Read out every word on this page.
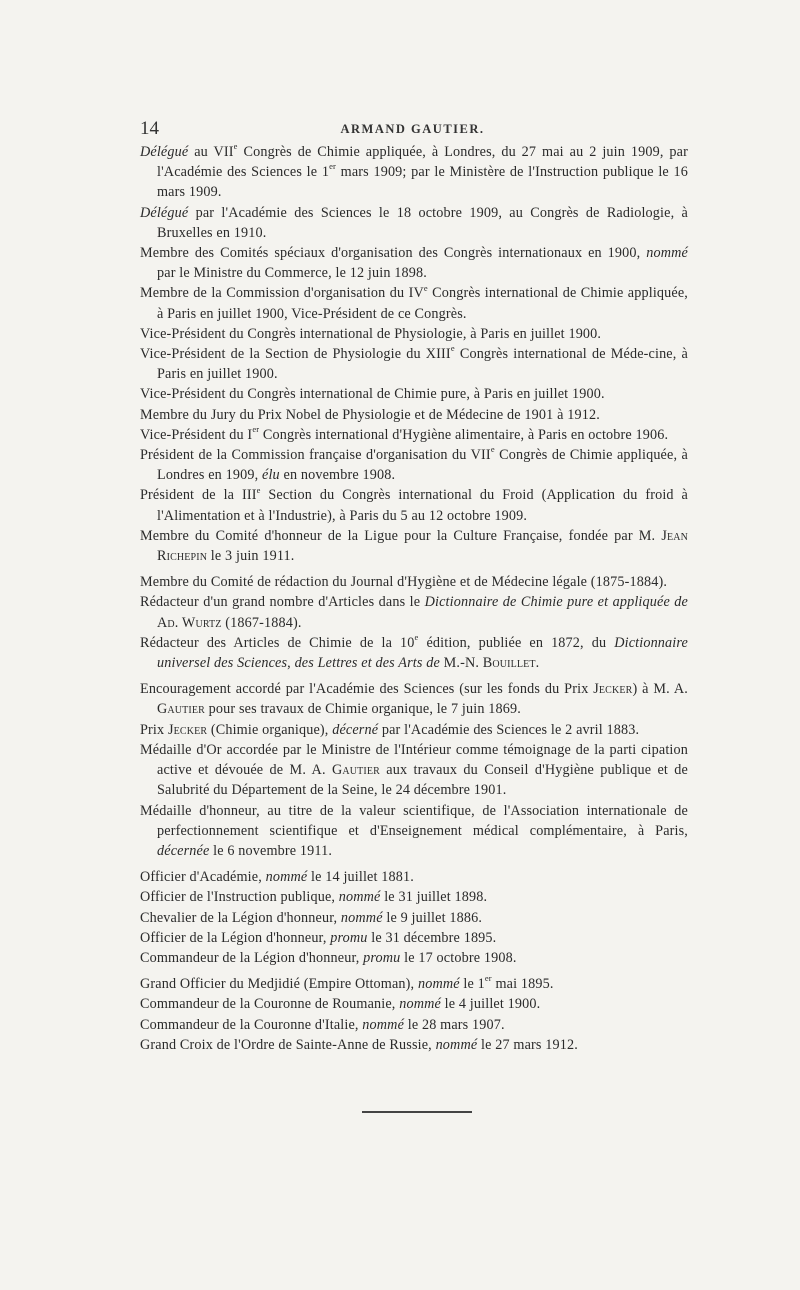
14	ARMAND GAUTIER.

Délégué au VIIe Congrès de Chimie appliquée, à Londres, du 27 mai au 2 juin 1909, par l'Académie des Sciences le 1er mars 1909; par le Ministère de l'Instruction publique le 16 mars 1909.

Délégué par l'Académie des Sciences le 18 octobre 1909, au Congrès de Radiologie, à Bruxelles en 1910.

Membre des Comités spéciaux d'organisation des Congrès internationaux en 1900, nommé par le Ministre du Commerce, le 12 juin 1898.

Membre de la Commission d'organisation du IVe Congrès international de Chimie appliquée, à Paris en juillet 1900, Vice-Président de ce Congrès.

Vice-Président du Congrès international de Physiologie, à Paris en juillet 1900.

Vice-Président de la Section de Physiologie du XIIIe Congrès international de Méde-cine, à Paris en juillet 1900.

Vice-Président du Congrès international de Chimie pure, à Paris en juillet 1900.

Membre du Jury du Prix Nobel de Physiologie et de Médecine de 1901 à 1912.

Vice-Président du Ier Congrès international d'Hygiène alimentaire, à Paris en octobre 1906.

Président de la Commission française d'organisation du VIIe Congrès de Chimie appliquée, à Londres en 1909, élu en novembre 1908.

Président de la IIIe Section du Congrès international du Froid (Application du froid à l'Alimentation et à l'Industrie), à Paris du 5 au 12 octobre 1909.

Membre du Comité d'honneur de la Ligue pour la Culture Française, fondée par M. Jean Richepin le 3 juin 1911.

Membre du Comité de rédaction du Journal d'Hygiène et de Médecine légale (1875-1884).

Rédacteur d'un grand nombre d'Articles dans le Dictionnaire de Chimie pure et appliquée de Ad. Wurtz (1867-1884).

Rédacteur des Articles de Chimie de la 10e édition, publiée en 1872, du Dictionnaire universel des Sciences, des Lettres et des Arts de M.-N. Bouillet.

Encouragement accordé par l'Académie des Sciences (sur les fonds du Prix Jecker) à M. A. Gautier pour ses travaux de Chimie organique, le 7 juin 1869.

Prix Jecker (Chimie organique), décerné par l'Académie des Sciences le 2 avril 1883.

Médaille d'Or accordée par le Ministre de l'Intérieur comme témoignage de la parti cipation active et dévouée de M. A. Gautier aux travaux du Conseil d'Hygiène publique et de Salubrité du Département de la Seine, le 24 décembre 1901.

Médaille d'honneur, au titre de la valeur scientifique, de l'Association internationale de perfectionnement scientifique et d'Enseignement médical complémentaire, à Paris, décernée le 6 novembre 1911.

Officier d'Académie, nommé le 14 juillet 1881.

Officier de l'Instruction publique, nommé le 31 juillet 1898.

Chevalier de la Légion d'honneur, nommé le 9 juillet 1886.

Officier de la Légion d'honneur, promu le 31 décembre 1895.

Commandeur de la Légion d'honneur, promu le 17 octobre 1908.

Grand Officier du Medjidié (Empire Ottoman), nommé le 1er mai 1895.

Commandeur de la Couronne de Roumanie, nommé le 4 juillet 1900.

Commandeur de la Couronne d'Italie, nommé le 28 mars 1907.

Grand Croix de l'Ordre de Sainte-Anne de Russie, nommé le 27 mars 1912.
